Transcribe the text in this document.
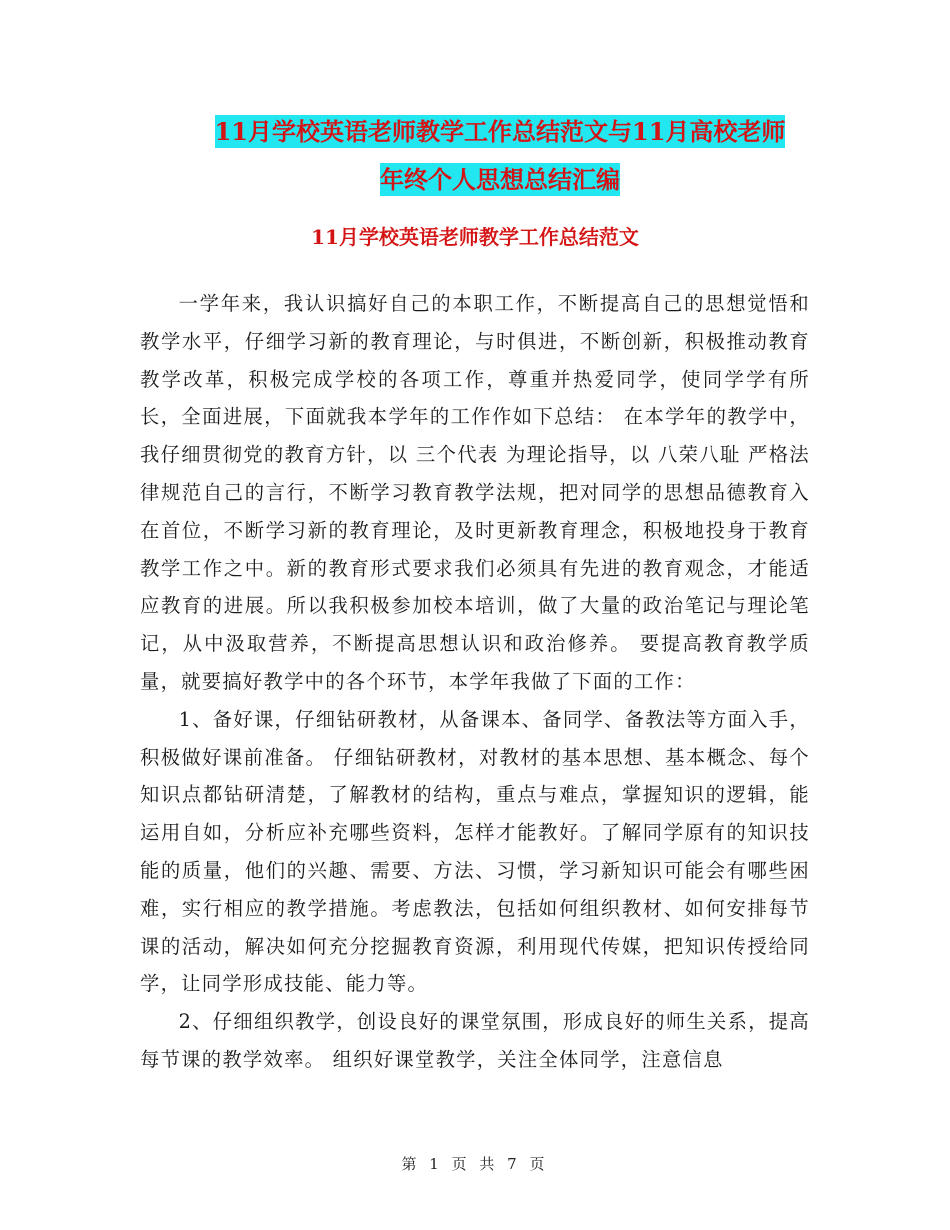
11月学校英语老师教学工作总结范文与11月高校老师
年终个人思想总结汇编
11月学校英语老师教学工作总结范文

一学年来，我认识搞好自己的本职工作，不断提高自己的思想觉悟和教学水平，仔细学习新的教育理论，与时俱进，不断创新，积极推动教育教学改革，积极完成学校的各项工作，尊重并热爱同学，使同学学有所长，全面进展，下面就我本学年的工作作如下总结： 在本学年的教学中，我仔细贯彻党的教育方针，以 三个代表 为理论指导，以 八荣八耻 严格法律规范自己的言行，不断学习教育教学法规，把对同学的思想品德教育入在首位，不断学习新的教育理论，及时更新教育理念，积极地投身于教育教学工作之中。新的教育形式要求我们必须具有先进的教育观念，才能适应教育的进展。所以我积极参加校本培训，做了大量的政治笔记与理论笔记，从中汲取营养，不断提高思想认识和政治修养。 要提高教育教学质量，就要搞好教学中的各个环节，本学年我做了下面的工作：

1、备好课，仔细钻研教材，从备课本、备同学、备教法等方面入手，积极做好课前准备。 仔细钻研教材，对教材的基本思想、基本概念、每个知识点都钻研清楚，了解教材的结构，重点与难点，掌握知识的逻辑，能运用自如，分析应补充哪些资料，怎样才能教好。了解同学原有的知识技能的质量，他们的兴趣、需要、方法、习惯，学习新知识可能会有哪些困难，实行相应的教学措施。考虑教法，包括如何组织教材、如何安排每节课的活动，解决如何充分挖掘教育资源，利用现代传媒，把知识传授给同学，让同学形成技能、能力等。

2、仔细组织教学，创设良好的课堂氛围，形成良好的师生关系，提高每节课的教学效率。 组织好课堂教学，关注全体同学，注意信息

第 1 页 共 7 页
